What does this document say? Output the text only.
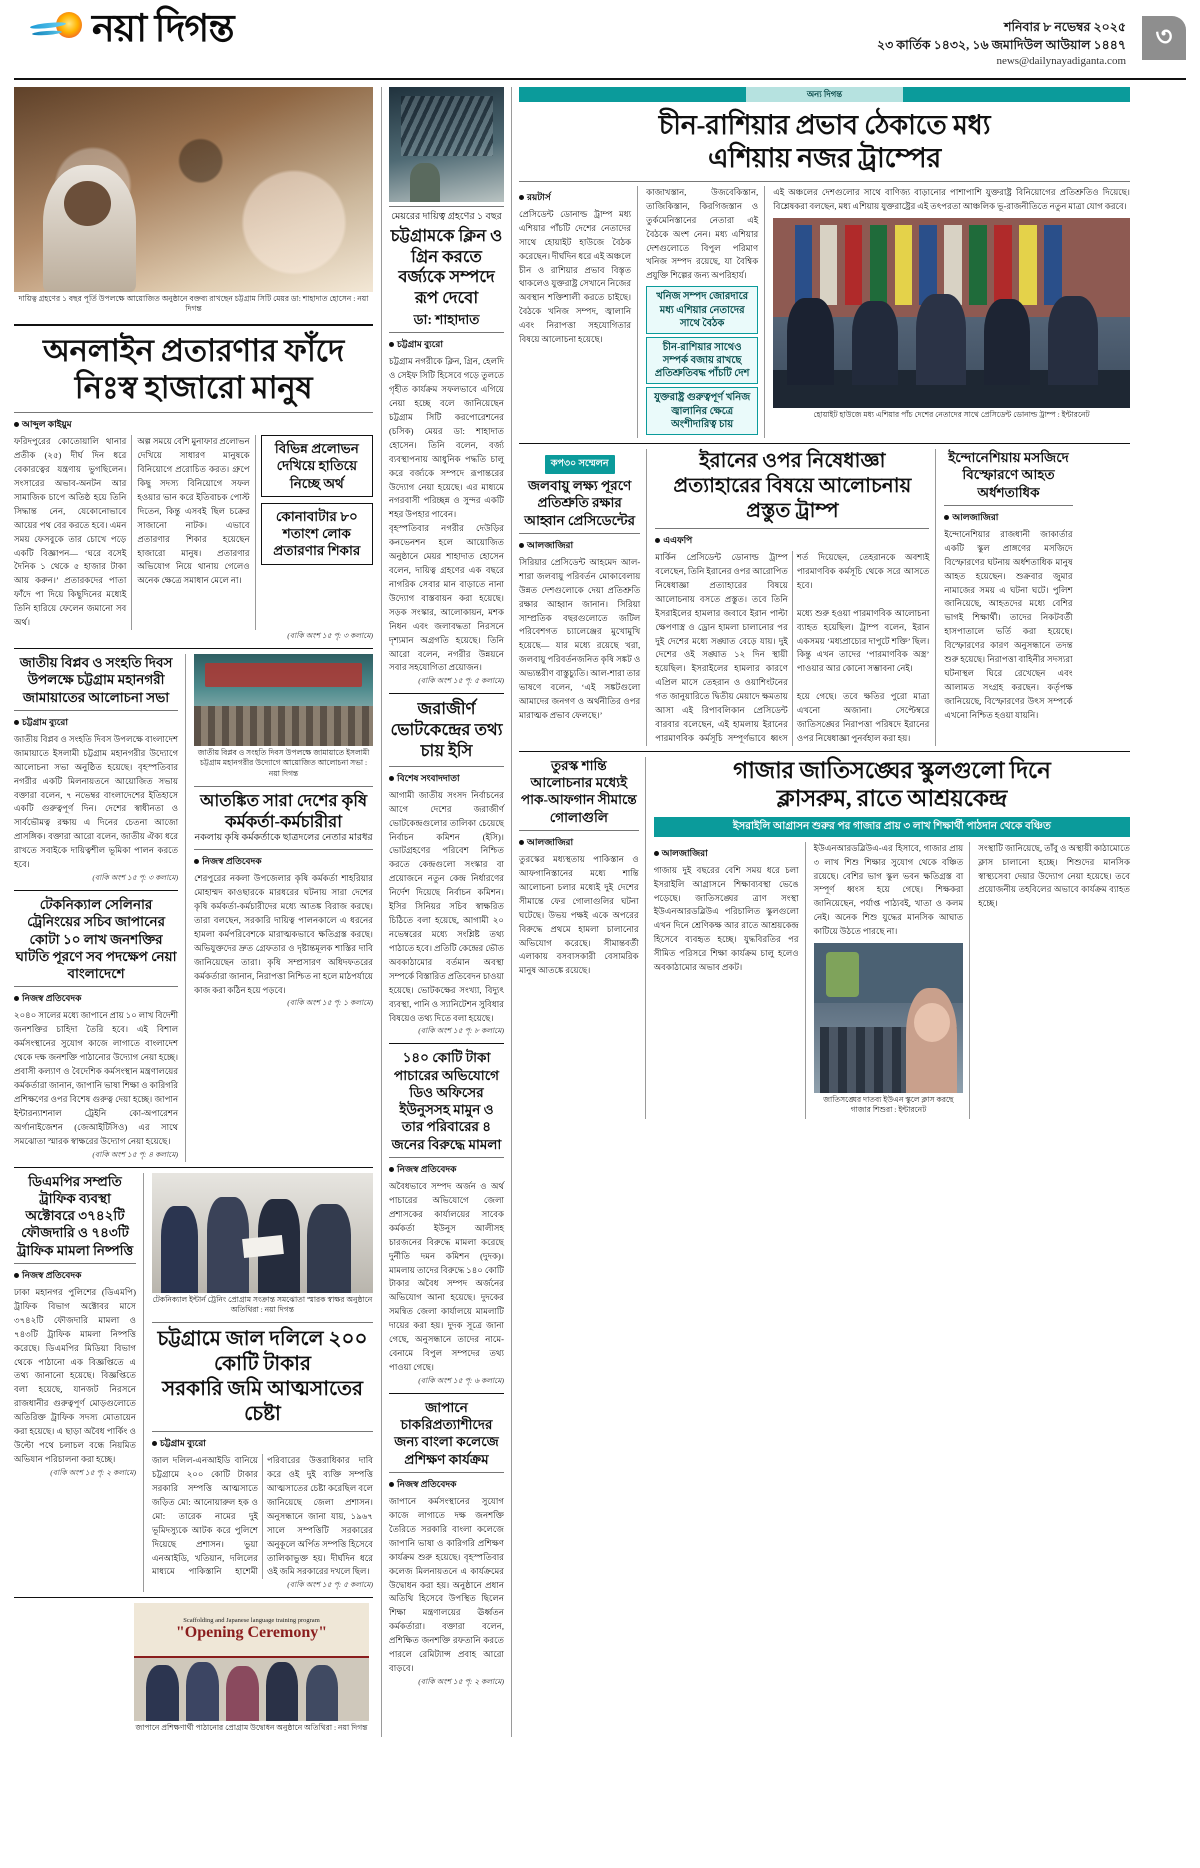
নয়া দিগন্ত	শনিবার ৮ নভেম্বর ২০২৫
২৩ কার্তিক ১৪৩২, ১৬ জমাদিউল আউয়াল ১৪৪৭
news@dailynayadiganta.com
৩
দায়িত্ব গ্রহণের ১ বছর পূর্তি উপলক্ষে আয়োজিত অনুষ্ঠানে বক্তব্য রাখছেন চট্টগ্রাম সিটি মেয়র ডা: শাহাদাত হোসেন : নয়া দিগন্ত
অনলাইন প্রতারণার ফাঁদে
নিঃস্ব হাজারো মানুষ
আব্দুল কাইয়ুম
ফরিদপুরের কোতোয়ালি থানার প্রতীক (২৫) দীর্ঘ দিন ধরে বেকারত্বের যন্ত্রণায় ভুগছিলেন। সংসারের অভাব-অনটন আর সামাজিক চাপে অতিষ্ঠ হয়ে তিনি সিদ্ধান্ত নেন, যেকোনোভাবে আয়ের পথ বের করতে হবে। এমন সময় ফেসবুকে তার চোখে পড়ে একটি বিজ্ঞাপন— ‘ঘরে বসেই দৈনিক ১ থেকে ৫ হাজার টাকা আয় করুন।’ প্রতারকদের পাতা ফাঁদে পা দিয়ে কিছুদিনের মধ্যেই তিনি হারিয়ে ফেলেন জমানো সব অর্থ।
অল্প সময়ে বেশি মুনাফার প্রলোভন দেখিয়ে সাধারণ মানুষকে বিনিয়োগে প্ররোচিত করত। গ্রুপে কিছু সদস্য বিনিয়োগে সফল হওয়ার ভান করে ইতিবাচক পোস্ট দিতেন, কিন্তু এসবই ছিল চক্রের সাজানো নাটক। এভাবে প্রতারণার শিকার হয়েছেন হাজারো মানুষ। প্রতারণার অভিযোগ নিয়ে থানায় গেলেও অনেক ক্ষেত্রে সমাধান মেলে না।
বিভিন্ন প্রলোভন
দেখিয়ে হাতিয়ে
নিচ্ছে অর্থ
কোনাবাটার ৮০
শতাংশ লোক
প্রতারণার শিকার
(বাকি অংশ ১৫ পৃ: ৩ কলামে)
জাতীয় বিপ্লব ও সংহতি দিবস উপলক্ষে চট্টগ্রাম মহানগরী জামায়াতের আলোচনা সভা
চট্টগ্রাম ব্যুরো
জাতীয় বিপ্লব ও সংহতি দিবস উপলক্ষে বাংলাদেশ জামায়াতে ইসলামী চট্টগ্রাম মহানগরীর উদ্যোগে আলোচনা সভা অনুষ্ঠিত হয়েছে। বৃহস্পতিবার নগরীর একটি মিলনায়তনে আয়োজিত সভায় বক্তারা বলেন, ৭ নভেম্বর বাংলাদেশের ইতিহাসে একটি গুরুত্বপূর্ণ দিন। দেশের স্বাধীনতা ও সার্বভৌমত্ব রক্ষায় এ দিনের চেতনা আজো প্রাসঙ্গিক। বক্তারা আরো বলেন, জাতীয় ঐক্য ধরে রাখতে সবাইকে দায়িত্বশীল ভূমিকা পালন করতে হবে।
(বাকি অংশ ১৫ পৃ: ৩ কলামে)
টেকনিক্যাল সেলিনার ট্রেনিংয়ের সচিব জাপানের কোটা ১০ লাখ জনশক্তির ঘাটতি পূরণে সব পদক্ষেপ নেয়া বাংলাদেশে
নিজস্ব প্রতিবেদক
২০৪০ সালের মধ্যে জাপানে প্রায় ১০ লাখ বিদেশী জনশক্তির চাহিদা তৈরি হবে। এই বিশাল কর্মসংস্থানের সুযোগ কাজে লাগাতে বাংলাদেশ থেকে দক্ষ জনশক্তি পাঠানোর উদ্যোগ নেয়া হচ্ছে। প্রবাসী কল্যাণ ও বৈদেশিক কর্মসংস্থান মন্ত্রণালয়ের কর্মকর্তারা জানান, জাপানি ভাষা শিক্ষা ও কারিগরি প্রশিক্ষণের ওপর বিশেষ গুরুত্ব দেয়া হচ্ছে। জাপান ইন্টারন্যাশনাল ট্রেইনি কো-অপারেশন অর্গানাইজেশন (জেআইটিসিও) এর সাথে সমঝোতা স্মারক স্বাক্ষরের উদ্যোগ নেয়া হয়েছে।
(বাকি অংশ ১৫ পৃ: ৪ কলামে)
জাতীয় বিপ্লব ও সংহতি দিবস উপলক্ষে জামায়াতে ইসলামী চট্টগ্রাম মহানগরীর উদ্যোগে আয়োজিত আলোচনা সভা : নয়া দিগন্ত
আতঙ্কিত সারা দেশের কৃষি কর্মকর্তা-কর্মচারীরা
নকলায় কৃষি কর্মকর্তাকে ছাত্রদলের নেতার মারধর
নিজস্ব প্রতিবেদক
শেরপুরের নকলা উপজেলার কৃষি কর্মকর্তা শাহরিয়ার মোহাম্মদ কাওছারকে মারধরের ঘটনায় সারা দেশের কৃষি কর্মকর্তা-কর্মচারীদের মধ্যে আতঙ্ক বিরাজ করছে। তারা বলছেন, সরকারি দায়িত্ব পালনকালে এ ধরনের হামলা কর্মপরিবেশকে মারাত্মকভাবে ক্ষতিগ্রস্ত করছে। অভিযুক্তদের দ্রুত গ্রেফতার ও দৃষ্টান্তমূলক শাস্তির দাবি জানিয়েছেন তারা। কৃষি সম্প্রসারণ অধিদফতরের কর্মকর্তারা জানান, নিরাপত্তা নিশ্চিত না হলে মাঠপর্যায়ে কাজ করা কঠিন হয়ে পড়বে।
(বাকি অংশ ১৫ পৃ: ১ কলামে)
ডিএমপির সম্প্রতি ট্রাফিক ব্যবস্থা অক্টোবরে ৩৭৪২টি ফৌজদারি ও ৭৪৩টি ট্রাফিক মামলা নিষ্পত্তি
নিজস্ব প্রতিবেদক
ঢাকা মহানগর পুলিশের (ডিএমপি) ট্রাফিক বিভাগ অক্টোবর মাসে ৩৭৪২টি ফৌজদারি মামলা ও ৭৪৩টি ট্রাফিক মামলা নিষ্পত্তি করেছে। ডিএমপির মিডিয়া বিভাগ থেকে পাঠানো এক বিজ্ঞপ্তিতে এ তথ্য জানানো হয়েছে। বিজ্ঞপ্তিতে বলা হয়েছে, যানজট নিরসনে রাজধানীর গুরুত্বপূর্ণ মোড়গুলোতে অতিরিক্ত ট্রাফিক সদস্য মোতায়েন করা হয়েছে। এ ছাড়া অবৈধ পার্কিং ও উল্টো পথে চলাচল বন্ধে নিয়মিত অভিযান পরিচালনা করা হচ্ছে।
(বাকি অংশ ১৫ পৃ: ২ কলামে)
টেকনিক্যাল ইন্টার্ন ট্রেনিং প্রোগ্রাম সংক্রান্ত সমঝোতা স্মারক স্বাক্ষর অনুষ্ঠানে অতিথিরা : নয়া দিগন্ত
চট্টগ্রামে জাল দলিলে ২০০ কোটি টাকার
সরকারি জমি আত্মসাতের চেষ্টা
চট্টগ্রাম ব্যুরো
জাল দলিল-এনআইডি বানিয়ে চট্টগ্রামে ২০০ কোটি টাকার সরকারি সম্পত্তি আত্মসাতে জড়িত মো: আনোয়ারুল হক ও মো: তারেক নামের দুই ভূমিদস্যুকে আটক করে পুলিশে দিয়েছে প্রশাসন। ভুয়া এনআইডি, খতিয়ান, দলিলের মাধ্যমে পাকিস্তানি হাশেমী পরিবারের উত্তরাধিকার দাবি করে ওই দুই ব্যক্তি সম্পত্তি আত্মসাতের চেষ্টা করেছিল বলে জানিয়েছে জেলা প্রশাসন। অনুসন্ধানে জানা যায়, ১৯৬৭ সালে সম্পত্তিটি সরকারের অনুকূলে অর্পিত সম্পত্তি হিসেবে তালিকাভুক্ত হয়। দীর্ঘদিন ধরে ওই জমি সরকারের দখলে ছিল।
(বাকি অংশ ১৫ পৃ: ৫ কলামে)
Scaffolding and Japanese language training program
"Opening Ceremony"
জাপানে প্রশিক্ষণার্থী পাঠানোর প্রোগ্রাম উদ্বোধন অনুষ্ঠানে অতিথিরা : নয়া দিগন্ত
মেয়রের দায়িত্ব গ্রহণের ১ বছর
চট্টগ্রামকে ক্লিন ও গ্রিন করতে বর্জ্যকে সম্পদে রূপ দেবো
ডা: শাহাদাত
চট্টগ্রাম ব্যুরো
চট্টগ্রাম নগরীকে ক্লিন, গ্রিন, হেলদি ও সেইফ সিটি হিসেবে গড়ে তুলতে গৃহীত কার্যক্রম সফলভাবে এগিয়ে নেয়া হচ্ছে বলে জানিয়েছেন চট্টগ্রাম সিটি করপোরেশনের (চসিক) মেয়র ডা: শাহাদাত হোসেন। তিনি বলেন, বর্জ্য ব্যবস্থাপনায় আধুনিক পদ্ধতি চালু করে বর্জ্যকে সম্পদে রূপান্তরের উদ্যোগ নেয়া হয়েছে। এর মাধ্যমে নগরবাসী পরিচ্ছন্ন ও সুন্দর একটি শহর উপহার পাবেন।
বৃহস্পতিবার নগরীর দেউড়ির কনভেনশন হলে আয়োজিত অনুষ্ঠানে মেয়র শাহাদাত হোসেন বলেন, দায়িত্ব গ্রহণের এক বছরে নাগরিক সেবার মান বাড়াতে নানা উদ্যোগ বাস্তবায়ন করা হয়েছে। সড়ক সংস্কার, আলোকায়ন, মশক নিধন এবং জলাবদ্ধতা নিরসনে দৃশ্যমান অগ্রগতি হয়েছে। তিনি আরো বলেন, নগরীর উন্নয়নে সবার সহযোগিতা প্রয়োজন।
(বাকি অংশ ১৫ পৃ: ৫ কলামে)
জরাজীর্ণ ভোটকেন্দ্রের তথ্য চায় ইসি
বিশেষ সংবাদদাতা
আগামী জাতীয় সংসদ নির্বাচনের আগে দেশের জরাজীর্ণ ভোটকেন্দ্রগুলোর তালিকা চেয়েছে নির্বাচন কমিশন (ইসি)। ভোটগ্রহণের পরিবেশ নিশ্চিত করতে কেন্দ্রগুলো সংস্কার বা প্রয়োজনে নতুন কেন্দ্র নির্ধারণের নির্দেশ দিয়েছে নির্বাচন কমিশন। ইসির সিনিয়র সচিব স্বাক্ষরিত চিঠিতে বলা হয়েছে, আগামী ২০ নভেম্বরের মধ্যে সংশ্লিষ্ট তথ্য পাঠাতে হবে। প্রতিটি কেন্দ্রের ভৌত অবকাঠামোর বর্তমান অবস্থা সম্পর্কে বিস্তারিত প্রতিবেদন চাওয়া হয়েছে। ভোটকক্ষের সংখ্যা, বিদ্যুৎ ব্যবস্থা, পানি ও স্যানিটেশন সুবিধার বিষয়েও তথ্য দিতে বলা হয়েছে।
(বাকি অংশ ১৫ পৃ: ৮ কলামে)
১৪০ কোটি টাকা পাচারের অভিযোগে ডিও অফিসের ইউনুসসহ মামুন ও তার পরিবারের ৪ জনের বিরুদ্ধে মামলা
নিজস্ব প্রতিবেদক
অবৈধভাবে সম্পদ অর্জন ও অর্থ পাচারের অভিযোগে জেলা প্রশাসকের কার্যালয়ের সাবেক কর্মকর্তা ইউনুস আলীসহ চারজনের বিরুদ্ধে মামলা করেছে দুর্নীতি দমন কমিশন (দুদক)। মামলায় তাদের বিরুদ্ধে ১৪০ কোটি টাকার অবৈধ সম্পদ অর্জনের অভিযোগ আনা হয়েছে। দুদকের সমন্বিত জেলা কার্যালয়ে মামলাটি দায়ের করা হয়। দুদক সূত্রে জানা গেছে, অনুসন্ধানে তাদের নামে-বেনামে বিপুল সম্পদের তথ্য পাওয়া গেছে।
(বাকি অংশ ১৫ পৃ: ৬ কলামে)
জাপানে চাকরিপ্রত্যাশীদের জন্য বাংলা কলেজে প্রশিক্ষণ কার্যক্রম
নিজস্ব প্রতিবেদক
জাপানে কর্মসংস্থানের সুযোগ কাজে লাগাতে দক্ষ জনশক্তি তৈরিতে সরকারি বাংলা কলেজে জাপানি ভাষা ও কারিগরি প্রশিক্ষণ কার্যক্রম শুরু হয়েছে। বৃহস্পতিবার কলেজ মিলনায়তনে এ কার্যক্রমের উদ্বোধন করা হয়। অনুষ্ঠানে প্রধান অতিথি হিসেবে উপস্থিত ছিলেন শিক্ষা মন্ত্রণালয়ের ঊর্ধ্বতন কর্মকর্তারা। বক্তারা বলেন, প্রশিক্ষিত জনশক্তি রফতানি করতে পারলে রেমিট্যান্স প্রবাহ আরো বাড়বে।
(বাকি অংশ ১৫ পৃ: ২ কলামে)
অন্য দিগন্ত
চীন-রাশিয়ার প্রভাব ঠেকাতে মধ্য
এশিয়ায় নজর ট্রাম্পের
রয়টার্স
প্রেসিডেন্ট ডোনাল্ড ট্রাম্প মধ্য এশিয়ার পাঁচটি দেশের নেতাদের সাথে হোয়াইট হাউজে বৈঠক করেছেন। দীর্ঘদিন ধরে এই অঞ্চলে চীন ও রাশিয়ার প্রভাব বিস্তৃত থাকলেও যুক্তরাষ্ট্র সেখানে নিজের অবস্থান শক্তিশালী করতে চাইছে। বৈঠকে খনিজ সম্পদ, জ্বালানি এবং নিরাপত্তা সহযোগিতার বিষয়ে আলোচনা হয়েছে।
কাজাখস্তান, উজবেকিস্তান, তাজিকিস্তান, কিরগিজস্তান ও তুর্কমেনিস্তানের নেতারা এই বৈঠকে অংশ নেন। মধ্য এশিয়ার দেশগুলোতে বিপুল পরিমাণ খনিজ সম্পদ রয়েছে, যা বৈশ্বিক প্রযুক্তি শিল্পের জন্য অপরিহার্য।
খনিজ সম্পদ জোরদারে মধ্য এশিয়ার নেতাদের সাথে বৈঠক
চীন-রাশিয়ার সাথেও সম্পর্ক বজায় রাখছে প্রতিশ্রুতিবদ্ধ পাঁচটি দেশ
যুক্তরাষ্ট্র গুরুত্বপূর্ণ খনিজ জ্বালানির ক্ষেত্রে অংশীদারিত্ব চায়
এই অঞ্চলের দেশগুলোর সাথে বাণিজ্য বাড়ানোর পাশাপাশি যুক্তরাষ্ট্র বিনিয়োগের প্রতিশ্রুতিও দিয়েছে। বিশ্লেষকরা বলছেন, মধ্য এশিয়ায় যুক্তরাষ্ট্রের এই তৎপরতা আঞ্চলিক ভূ-রাজনীতিতে নতুন মাত্রা যোগ করবে।
হোয়াইট হাউজে মধ্য এশিয়ার পাঁচ দেশের নেতাদের সাথে প্রেসিডেন্ট ডোনাল্ড ট্রাম্প : ইন্টারনেট
কপ৩০ সম্মেলন
জলবায়ু লক্ষ্য পূরণে প্রতিশ্রুতি রক্ষার আহ্বান প্রেসিডেন্টের
আলজাজিরা
সিরিয়ার প্রেসিডেন্ট আহমেদ আল-শারা জলবায়ু পরিবর্তন মোকাবেলায় উন্নত দেশগুলোকে দেয়া প্রতিশ্রুতি রক্ষার আহ্বান জানান। সিরিয়া সাম্প্রতিক বছরগুলোতে জটিল পরিবেশগত চ্যালেঞ্জের মুখোমুখি হয়েছে— যার মধ্যে রয়েছে খরা, জলবায়ু পরিবর্তনজনিত কৃষি সঙ্কট ও অভ্যন্তরীণ বাস্তুচ্যুতি। আল-শারা তার ভাষণে বলেন, ‘এই সঙ্কটগুলো আমাদের জনগণ ও অর্থনীতির ওপর মারাত্মক প্রভাব ফেলছে।’
ইরানের ওপর নিষেধাজ্ঞা প্রত্যাহারের বিষয়ে আলোচনায় প্রস্তুত ট্রাম্প
এএফপি
মার্কিন প্রেসিডেন্ট ডোনাল্ড ট্রাম্প বলেছেন, তিনি ইরানের ওপর আরোপিত নিষেধাজ্ঞা প্রত্যাহারের বিষয়ে আলোচনায় বসতে প্রস্তুত। তবে তিনি শর্ত দিয়েছেন, তেহরানকে অবশ্যই পারমাণবিক কর্মসূচি থেকে সরে আসতে হবে।
ইসরাইলের হামলার জবাবে ইরান পাল্টা ক্ষেপণাস্ত্র ও ড্রোন হামলা চালানোর পর দুই দেশের মধ্যে সঙ্ঘাত বেড়ে যায়। দুই দেশের ওই সঙ্ঘাত ১২ দিন স্থায়ী হয়েছিল। ইসরাইলের হামলার কারণে এপ্রিল মাসে তেহরান ও ওয়াশিংটনের মধ্যে শুরু হওয়া পারমাণবিক আলোচনা ব্যাহত হয়েছিল। ট্রাম্প বলেন, ইরান একসময় ‘মধ্যপ্রাচ্যের দাপুটে শক্তি’ ছিল। কিন্তু এখন তাদের ‘পারমাণবিক অস্ত্র’ পাওয়ার আর কোনো সম্ভাবনা নেই।
গত জানুয়ারিতে দ্বিতীয় মেয়াদে ক্ষমতায় আসা এই রিপাবলিকান প্রেসিডেন্ট বারবার বলেছেন, এই হামলায় ইরানের পারমাণবিক কর্মসূচি সম্পূর্ণভাবে ধ্বংস হয়ে গেছে। তবে ক্ষতির পুরো মাত্রা এখনো অজানা। সেপ্টেম্বরে জাতিসঙ্ঘের নিরাপত্তা পরিষদে ইরানের ওপর নিষেধাজ্ঞা পুনর্বহাল করা হয়।
ইন্দোনেশিয়ায় মসজিদে বিস্ফোরণে আহত অর্ধশতাধিক
আলজাজিরা
ইন্দোনেশিয়ার রাজধানী জাকার্তার একটি স্কুল প্রাঙ্গণের মসজিদে বিস্ফোরণের ঘটনায় অর্ধশতাধিক মানুষ আহত হয়েছেন। শুক্রবার জুমার নামাজের সময় এ ঘটনা ঘটে। পুলিশ জানিয়েছে, আহতদের মধ্যে বেশির ভাগই শিক্ষার্থী। তাদের নিকটবর্তী হাসপাতালে ভর্তি করা হয়েছে। বিস্ফোরণের কারণ অনুসন্ধানে তদন্ত শুরু হয়েছে। নিরাপত্তা বাহিনীর সদস্যরা ঘটনাস্থল ঘিরে রেখেছেন এবং আলামত সংগ্রহ করছেন। কর্তৃপক্ষ জানিয়েছে, বিস্ফোরণের উৎস সম্পর্কে এখনো নিশ্চিত হওয়া যায়নি।
তুরস্ক শান্তি আলোচনার মধ্যেই পাক-আফগান সীমান্তে গোলাগুলি
আলজাজিরা
তুরস্কের মধ্যস্থতায় পাকিস্তান ও আফগানিস্তানের মধ্যে শান্তি আলোচনা চলার মধ্যেই দুই দেশের সীমান্তে ফের গোলাগুলির ঘটনা ঘটেছে। উভয় পক্ষই একে অপরের বিরুদ্ধে প্রথমে হামলা চালানোর অভিযোগ করেছে। সীমান্তবর্তী এলাকায় বসবাসকারী বেসামরিক মানুষ আতঙ্কে রয়েছে।
গাজার জাতিসঙ্ঘের স্কুলগুলো দিনে
ক্লাসরুম, রাতে আশ্রয়কেন্দ্র
ইসরাইলি আগ্রাসন শুরুর পর গাজার প্রায় ৩ লাখ শিক্ষার্থী পাঠদান থেকে বঞ্চিত
আলজাজিরা
গাজায় দুই বছরের বেশি সময় ধরে চলা ইসরাইলি আগ্রাসনে শিক্ষাব্যবস্থা ভেঙে পড়েছে। জাতিসঙ্ঘের ত্রাণ সংস্থা ইউএনআরডব্লিউএ পরিচালিত স্কুলগুলো এখন দিনে শ্রেণিকক্ষ আর রাতে আশ্রয়কেন্দ্র হিসেবে ব্যবহৃত হচ্ছে। যুদ্ধবিরতির পর সীমিত পরিসরে শিক্ষা কার্যক্রম চালু হলেও অবকাঠামোর অভাব প্রকট।
ইউএনআরডব্লিউএ-এর হিসাবে, গাজার প্রায় ৩ লাখ শিশু শিক্ষার সুযোগ থেকে বঞ্চিত রয়েছে। বেশির ভাগ স্কুল ভবন ক্ষতিগ্রস্ত বা সম্পূর্ণ ধ্বংস হয়ে গেছে। শিক্ষকরা জানিয়েছেন, পর্যাপ্ত পাঠ্যবই, খাতা ও কলম নেই। অনেক শিশু যুদ্ধের মানসিক আঘাত কাটিয়ে উঠতে পারছে না।
জাতিসঙ্ঘের দাতব্য ইউএন স্কুলে ক্লাস করছে গাজার শিশুরা : ইন্টারনেট
সংস্থাটি জানিয়েছে, তাঁবু ও অস্থায়ী কাঠামোতে ক্লাস চালানো হচ্ছে। শিশুদের মানসিক স্বাস্থ্যসেবা দেয়ার উদ্যোগ নেয়া হয়েছে। তবে প্রয়োজনীয় তহবিলের অভাবে কার্যক্রম ব্যাহত হচ্ছে।
